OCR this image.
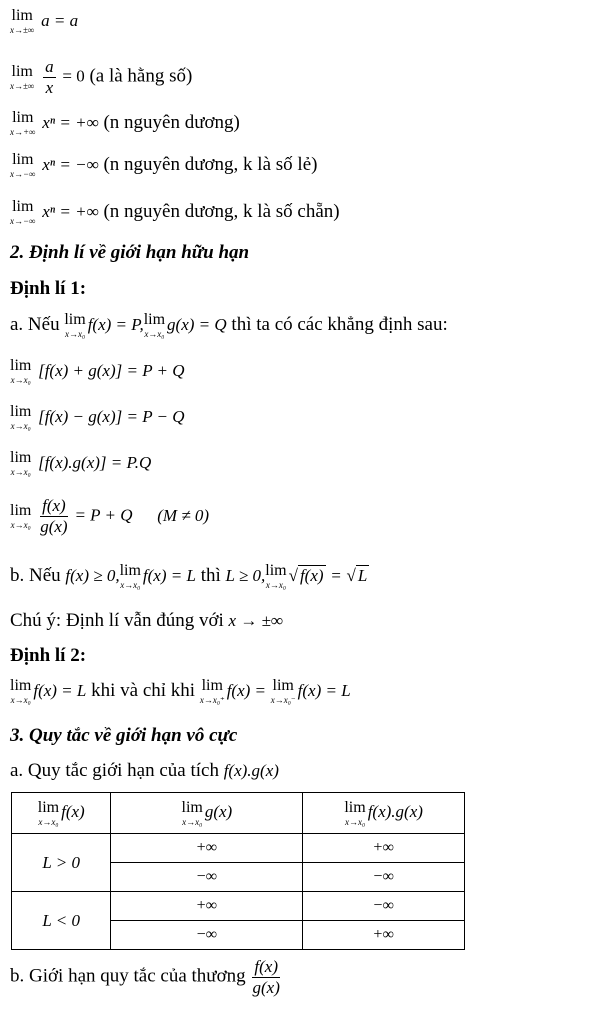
lim
x→±∞
a = a
lim
x→±∞
$\frac{a}{x} = 0$ (a là hằng số)
lim
x→+∞
xⁿ = +∞ (n nguyên dương)
lim
x→−∞
xⁿ = −∞ (n nguyên dương, k là số lẻ)
lim
x→−∞
xⁿ = +∞ (n nguyên dương, k là số chẵn)
2. Định lí về giới hạn hữu hạn
Định lí 1:
a. Nếu lim
x→x₀
f(x) = P, lim
x→x₀
g(x) = Q thì ta có các khẳng định sau:
lim
x→x₀
[f(x) + g(x)] = P + Q
lim
x→x₀
[f(x) − g(x)] = P − Q
lim
x→x₀
[f(x).g(x)] = P.Q
lim
x→x₀
$\frac{f(x)}{g(x)} = P + Q$ (M ≠ 0)
b. Nếu f(x) ≥ 0, lim
x→x₀
f(x) = L thì L ≥ 0, lim
x→x₀
√ f(x) = √ L
Chú ý: Định lí vẫn đúng với x → ±∞
Định lí 2:
lim
x→x₀
f(x) = L khi và chỉ khi lim
x→x₀⁺
f(x) = lim
x→x₀⁻
f(x) = L
3. Quy tắc về giới hạn vô cực
a. Quy tắc giới hạn của tích f(x).g(x)
lim
x→x₀
f(x)	lim
x→x₀
g(x)	lim
x→x₀
f(x).g(x)
L > 0	+∞	+∞
	−∞	−∞
L < 0	+∞	−∞
	−∞	+∞
b. Giới hạn quy tắc của thương $\frac{f(x)}{g(x)}$
